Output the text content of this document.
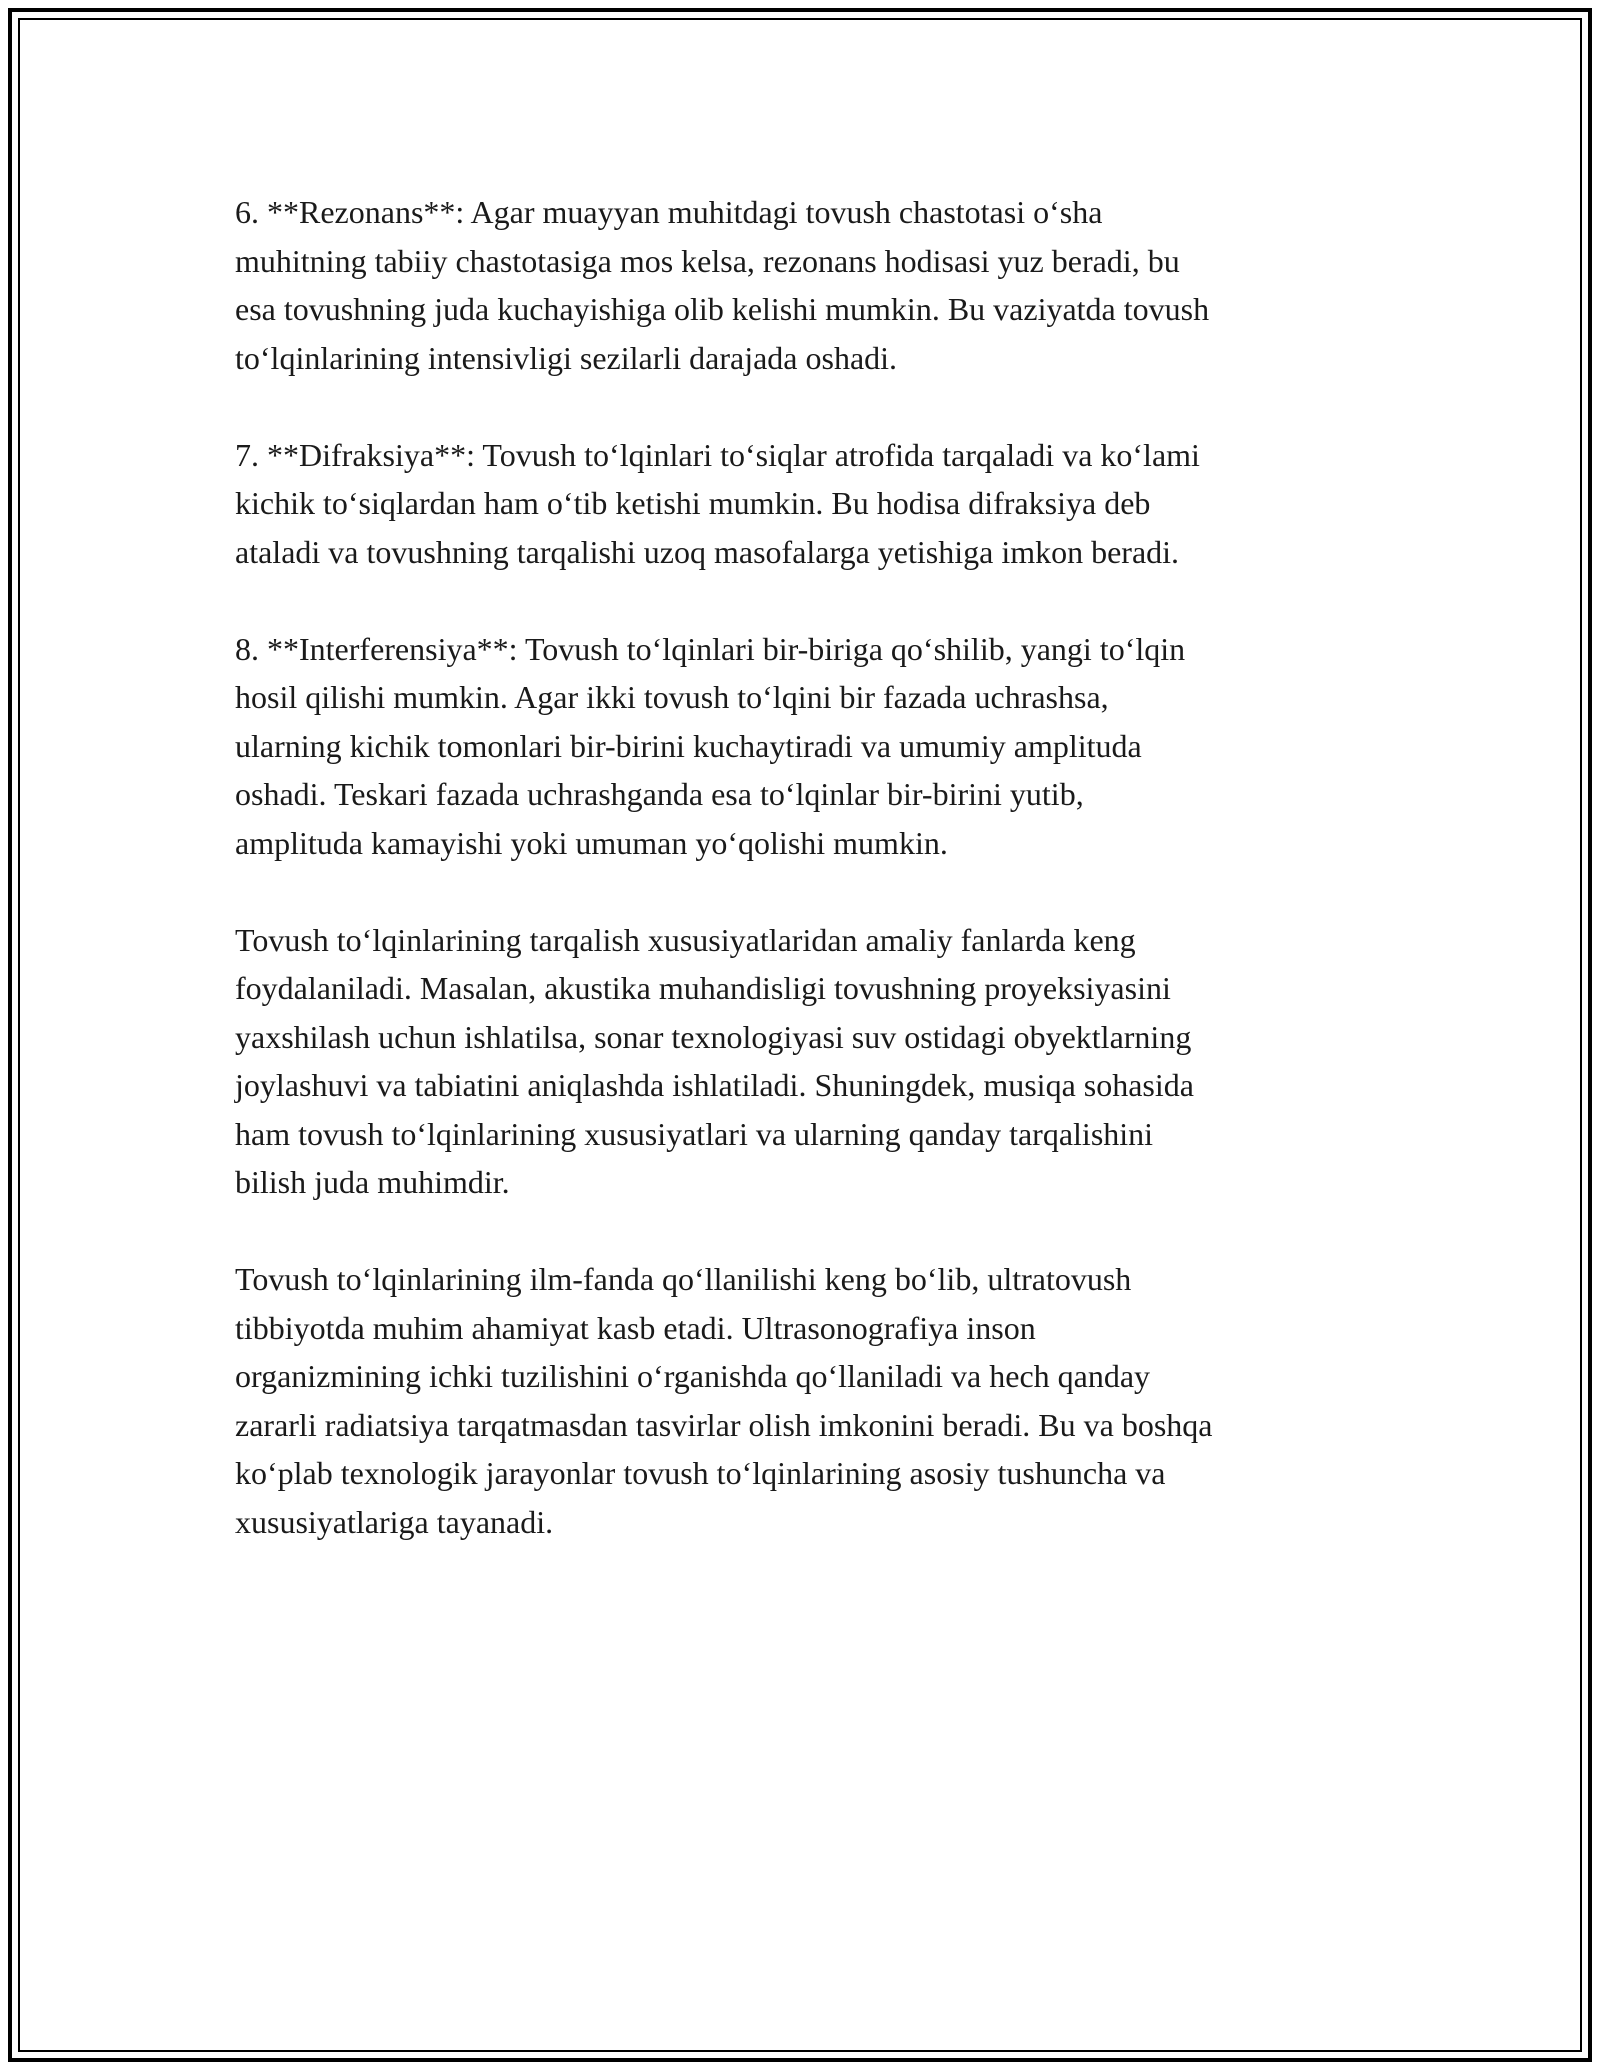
6. **Rezonans**: Agar muayyan muhitdagi tovush chastotasi o‘sha
muhitning tabiiy chastotasiga mos kelsa, rezonans hodisasi yuz beradi, bu
esa tovushning juda kuchayishiga olib kelishi mumkin. Bu vaziyatda tovush
to‘lqinlarining intensivligi sezilarli darajada oshadi.

7. **Difraksiya**: Tovush to‘lqinlari to‘siqlar atrofida tarqaladi va ko‘lami
kichik to‘siqlardan ham o‘tib ketishi mumkin. Bu hodisa difraksiya deb
ataladi va tovushning tarqalishi uzoq masofalarga yetishiga imkon beradi.

8. **Interferensiya**: Tovush to‘lqinlari bir-biriga qo‘shilib, yangi to‘lqin
hosil qilishi mumkin. Agar ikki tovush to‘lqini bir fazada uchrashsa,
ularning kichik tomonlari bir-birini kuchaytiradi va umumiy amplituda
oshadi. Teskari fazada uchrashganda esa to‘lqinlar bir-birini yutib,
amplituda kamayishi yoki umuman yo‘qolishi mumkin.

Tovush to‘lqinlarining tarqalish xususiyatlaridan amaliy fanlarda keng
foydalaniladi. Masalan, akustika muhandisligi tovushning proyeksiyasini
yaxshilash uchun ishlatilsa, sonar texnologiyasi suv ostidagi obyektlarning
joylashuvi va tabiatini aniqlashda ishlatiladi. Shuningdek, musiqa sohasida
ham tovush to‘lqinlarining xususiyatlari va ularning qanday tarqalishini
bilish juda muhimdir.

Tovush to‘lqinlarining ilm-fanda qo‘llanilishi keng bo‘lib, ultratovush
tibbiyotda muhim ahamiyat kasb etadi. Ultrasonografiya inson
organizmining ichki tuzilishini o‘rganishda qo‘llaniladi va hech qanday
zararli radiatsiya tarqatmasdan tasvirlar olish imkonini beradi. Bu va boshqa
ko‘plab texnologik jarayonlar tovush to‘lqinlarining asosiy tushuncha va
xususiyatlariga tayanadi.
